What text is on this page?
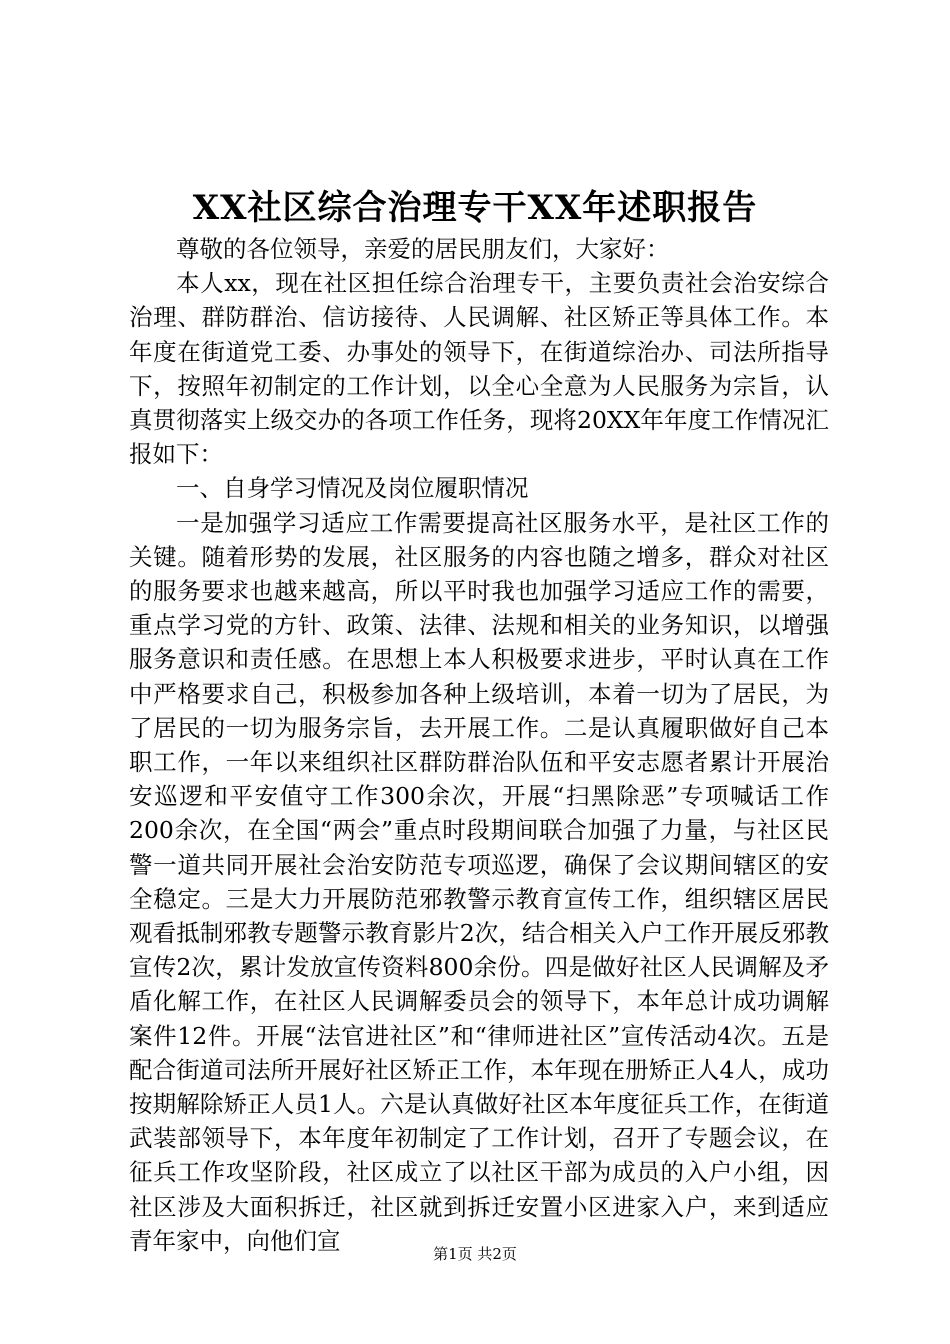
XX社区综合治理专干XX年述职报告

尊敬的各位领导，亲爱的居民朋友们，大家好：

本人xx，现在社区担任综合治理专干，主要负责社会治安综合治理、群防群治、信访接待、人民调解、社区矫正等具体工作。本年度在街道党工委、办事处的领导下，在街道综治办、司法所指导下，按照年初制定的工作计划，以全心全意为人民服务为宗旨，认真贯彻落实上级交办的各项工作任务，现将20XX年年度工作情况汇报如下：

一、自身学习情况及岗位履职情况

一是加强学习适应工作需要提高社区服务水平，是社区工作的关键。随着形势的发展，社区服务的内容也随之增多，群众对社区的服务要求也越来越高，所以平时我也加强学习适应工作的需要，重点学习党的方针、政策、法律、法规和相关的业务知识，以增强服务意识和责任感。在思想上本人积极要求进步，平时认真在工作中严格要求自己，积极参加各种上级培训，本着一切为了居民，为了居民的一切为服务宗旨，去开展工作。二是认真履职做好自己本职工作，一年以来组织社区群防群治队伍和平安志愿者累计开展治安巡逻和平安值守工作300余次，开展“扫黑除恶”专项喊话工作200余次，在全国“两会”重点时段期间联合加强了力量，与社区民警一道共同开展社会治安防范专项巡逻，确保了会议期间辖区的安全稳定。三是大力开展防范邪教警示教育宣传工作，组织辖区居民观看抵制邪教专题警示教育影片2次，结合相关入户工作开展反邪教宣传2次，累计发放宣传资料800余份。四是做好社区人民调解及矛盾化解工作，在社区人民调解委员会的领导下，本年总计成功调解案件12件。开展“法官进社区”和“律师进社区”宣传活动4次。五是配合街道司法所开展好社区矫正工作，本年现在册矫正人4人，成功按期解除矫正人员1人。六是认真做好社区本年度征兵工作，在街道武装部领导下，本年度年初制定了工作计划，召开了专题会议，在征兵工作攻坚阶段，社区成立了以社区干部为成员的入户小组，因社区涉及大面积拆迁，社区就到拆迁安置小区进家入户，来到适应青年家中，向他们宣	第1页 共2页
